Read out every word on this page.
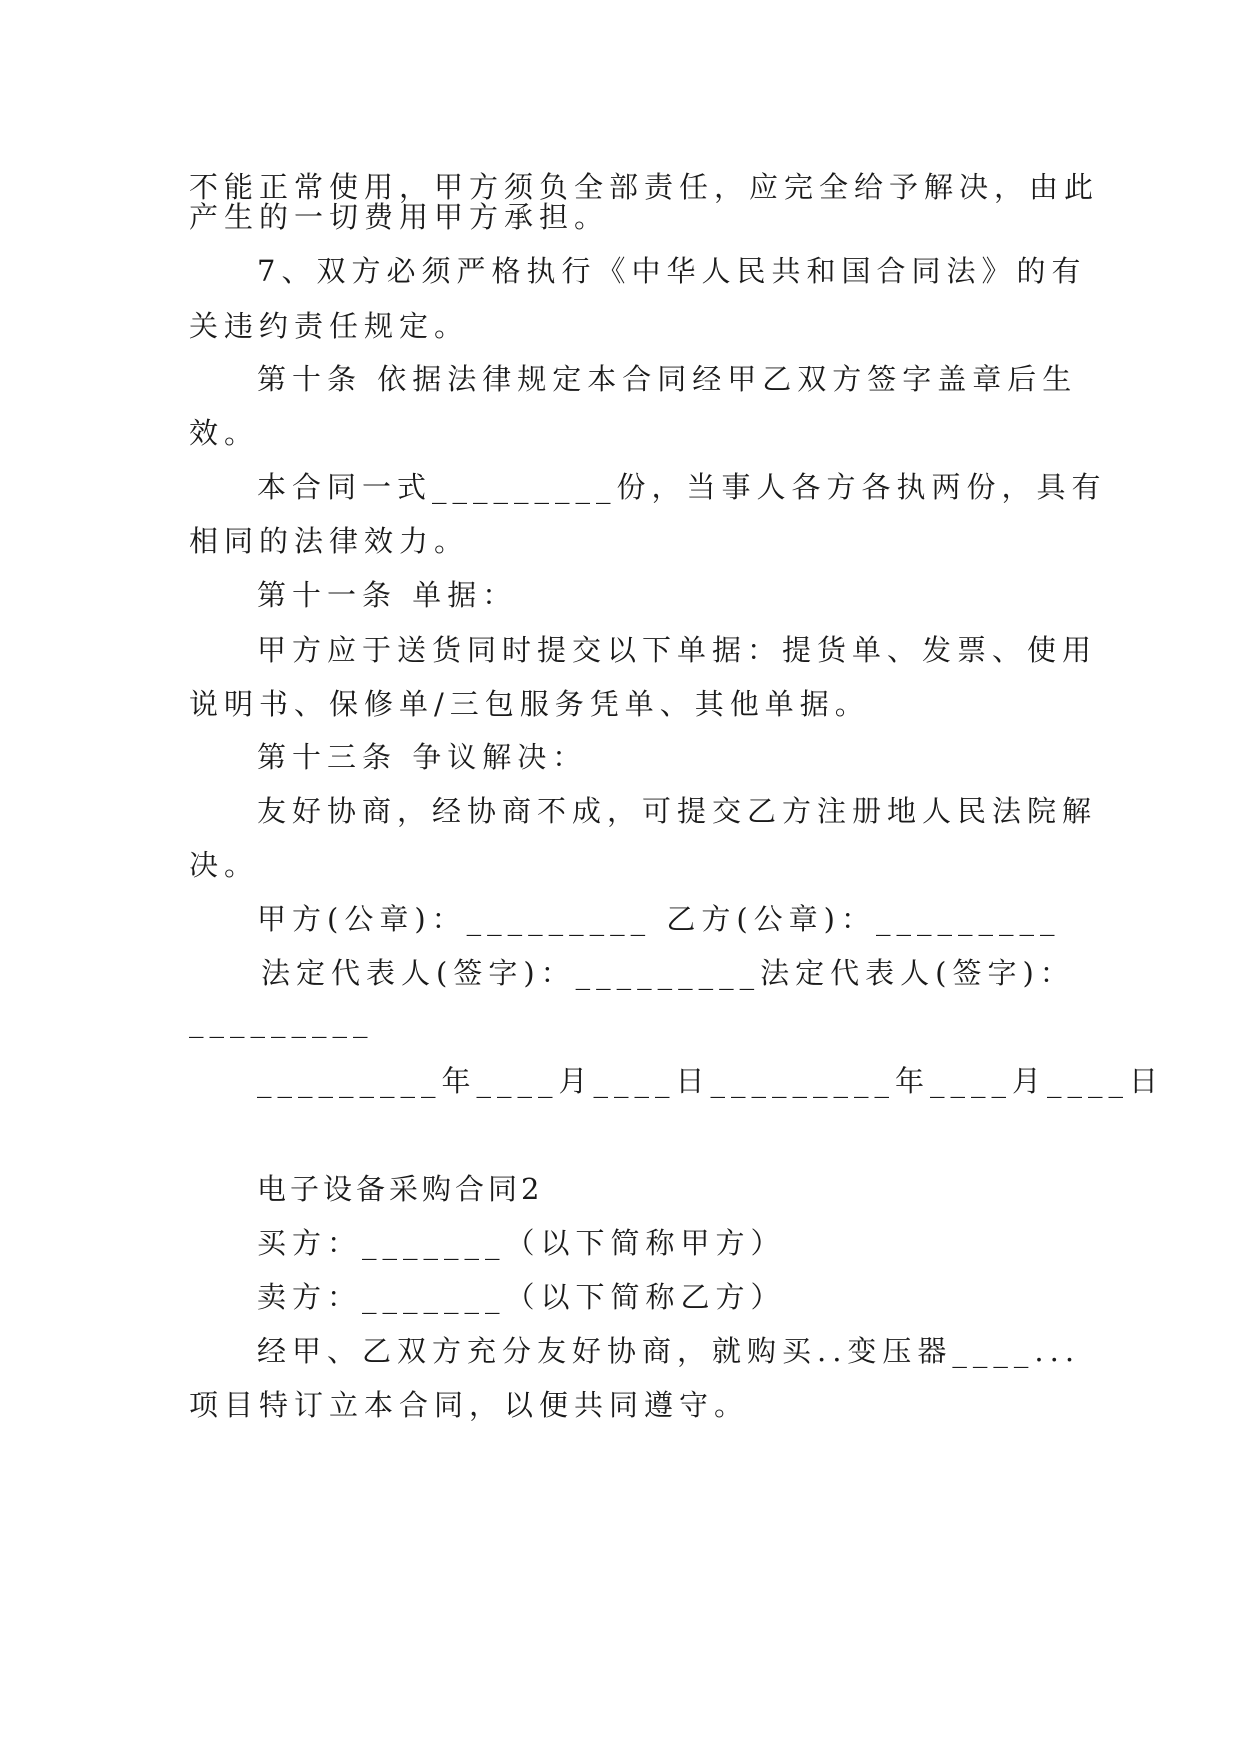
不能正常使用，甲方须负全部责任，应完全给予解决，由此
产生的一切费用甲方承担。
7、双方必须严格执行《中华人民共和国合同法》的有
关违约责任规定。
第十条 依据法律规定本合同经甲乙双方签字盖章后生
效。
本合同一式_________份，当事人各方各执两份，具有
相同的法律效力。
第十一条 单据：
甲方应于送货同时提交以下单据：提货单、发票、使用
说明书、保修单/三包服务凭单、其他单据。
第十三条 争议解决：
友好协商，经协商不成，可提交乙方注册地人民法院解
决。
甲方(公章)：_________ 乙方(公章)：_________
法定代表人(签字)：_________法定代表人(签字)：
_________
_________年____月____日_________年____月____日
电子设备采购合同2
买方：_______（以下简称甲方）
卖方：_______（以下简称乙方）
经甲、乙双方充分友好协商，就购买..变压器____...
项目特订立本合同，以便共同遵守。
